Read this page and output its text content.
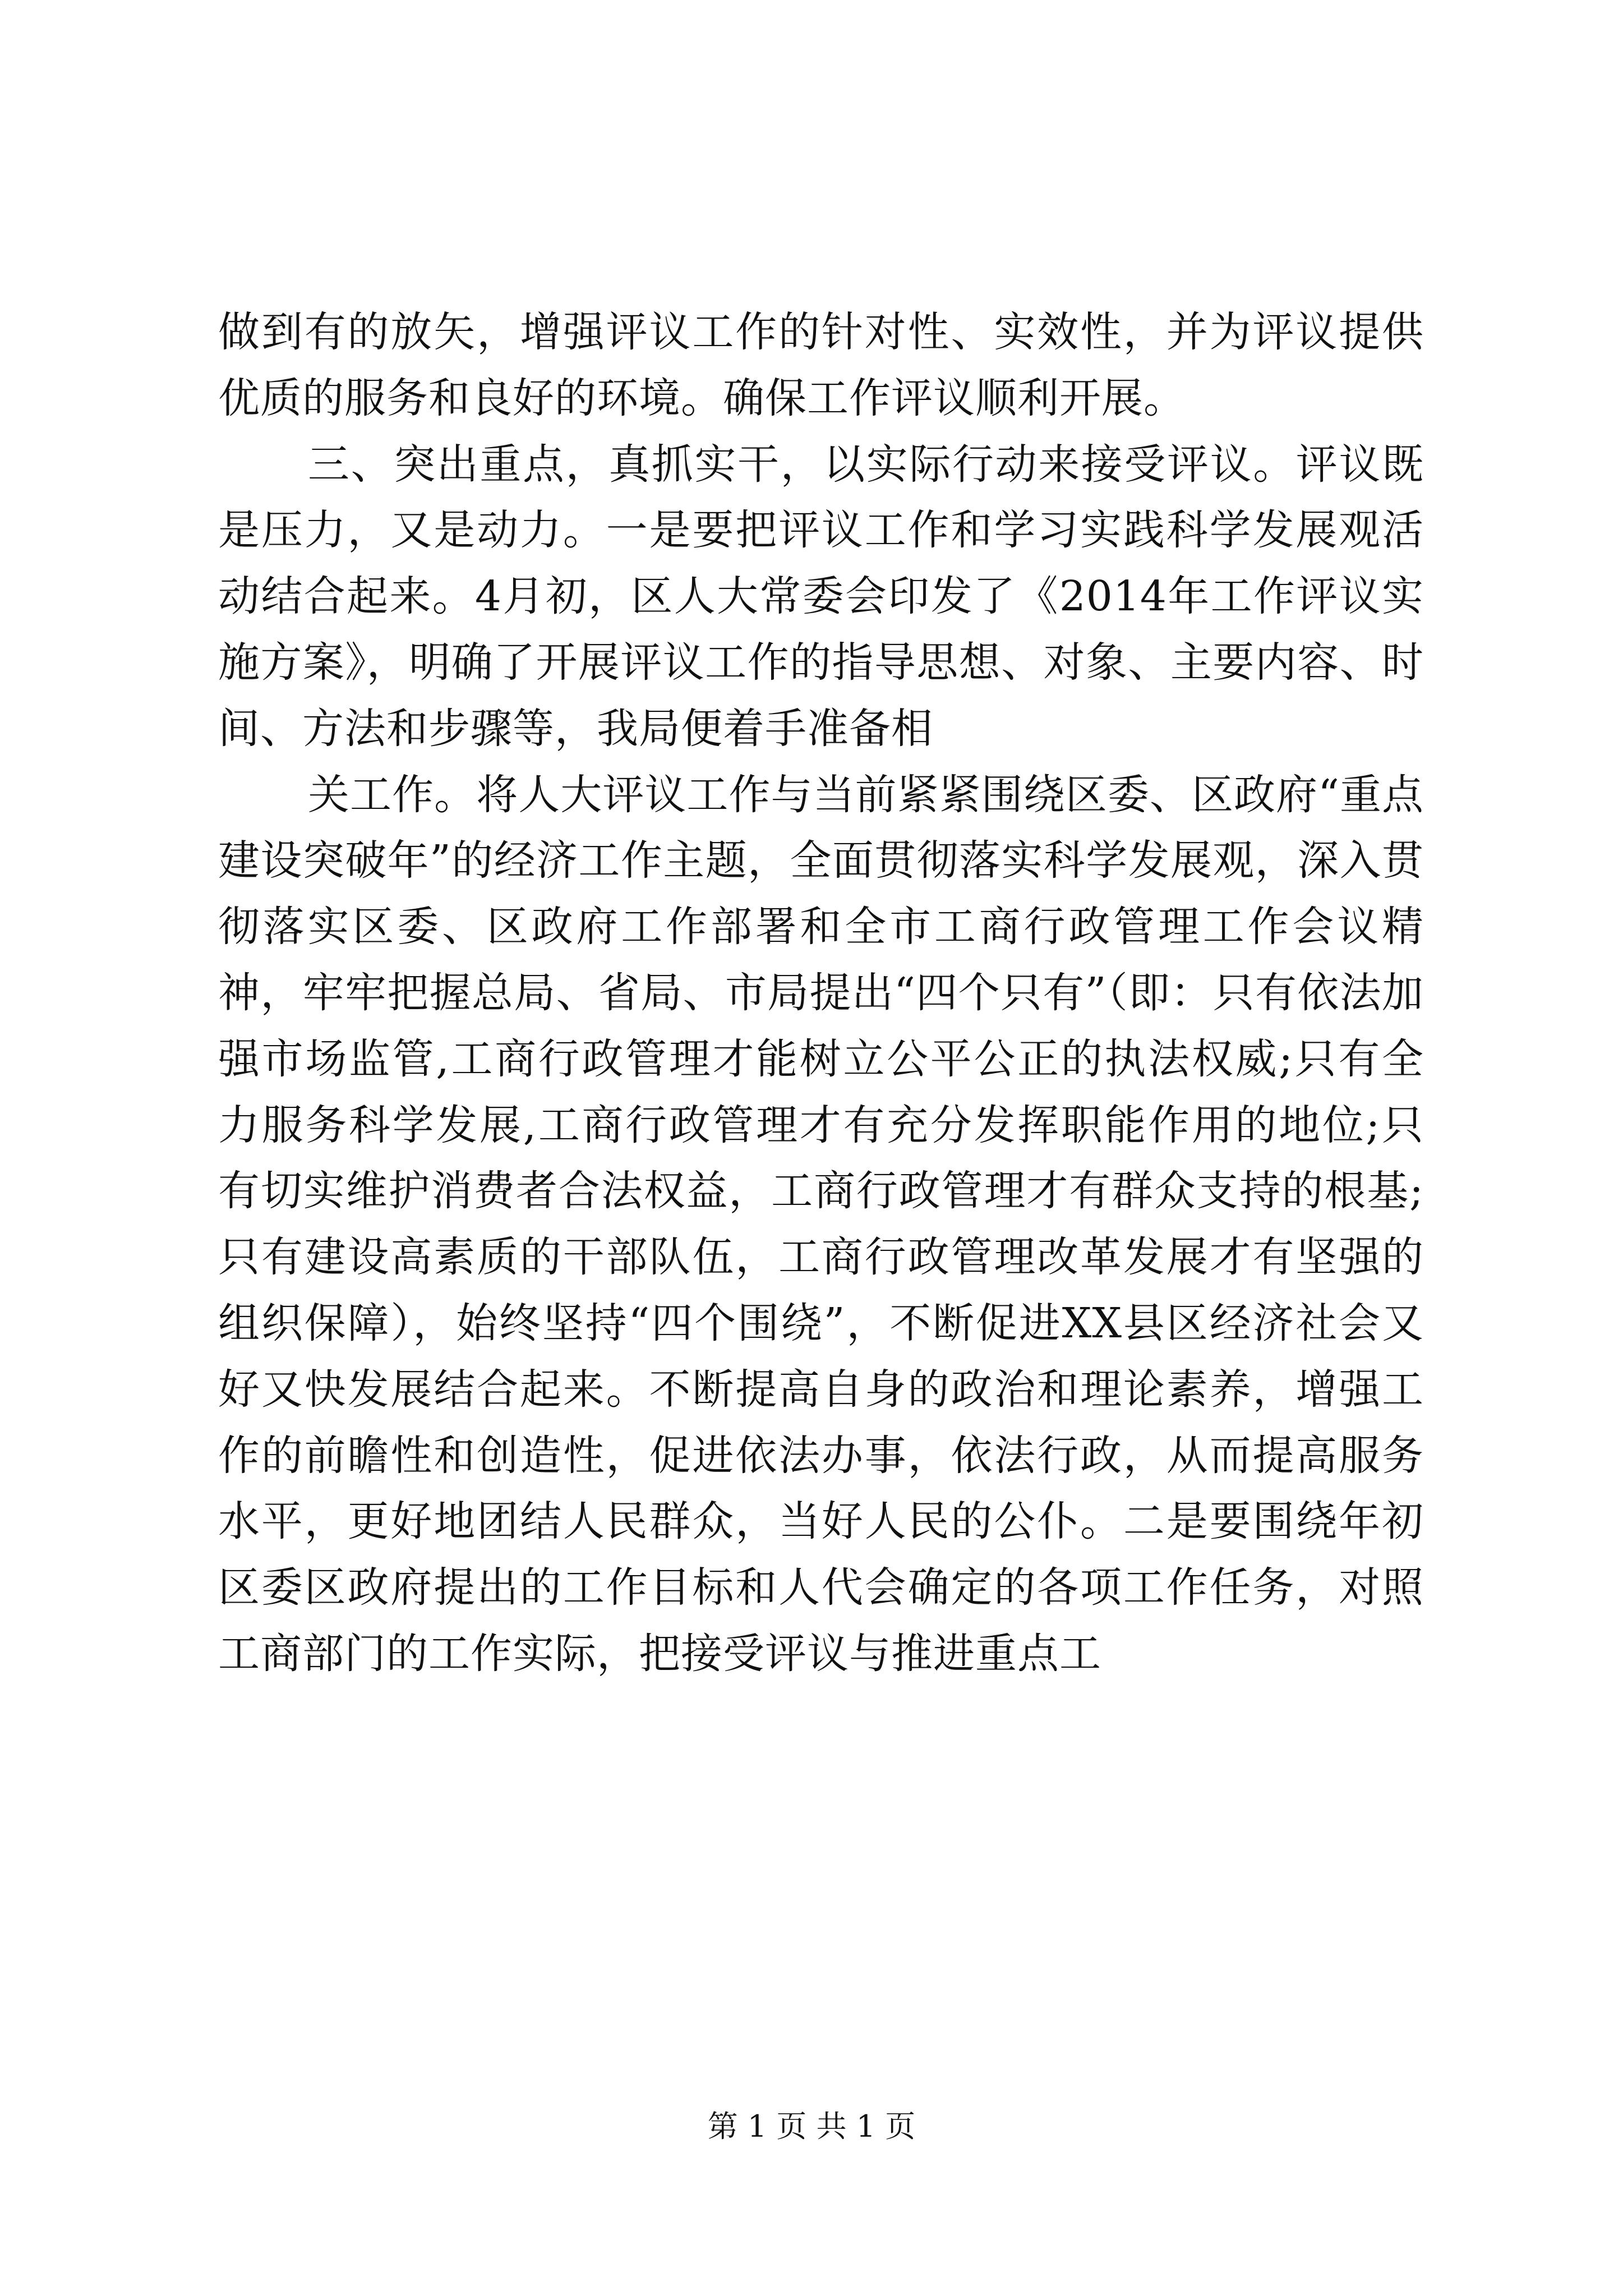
做到有的放矢，增强评议工作的针对性、实效性，并为评议提供优质的服务和良好的环境。确保工作评议顺利开展。

三、突出重点，真抓实干，以实际行动来接受评议。评议既是压力，又是动力。一是要把评议工作和学习实践科学发展观活动结合起来。4月初，区人大常委会印发了《2014年工作评议实施方案》，明确了开展评议工作的指导思想、对象、主要内容、时间、方法和步骤等，我局便着手准备相

关工作。将人大评议工作与当前紧紧围绕区委、区政府“重点建设突破年”的经济工作主题，全面贯彻落实科学发展观，深入贯彻落实区委、区政府工作部署和全市工商行政管理工作会议精神，牢牢把握总局、省局、市局提出“四个只有”（即：只有依法加强市场监管,工商行政管理才能树立公平公正的执法权威;只有全力服务科学发展,工商行政管理才有充分发挥职能作用的地位;只有切实维护消费者合法权益，工商行政管理才有群众支持的根基;只有建设高素质的干部队伍，工商行政管理改革发展才有坚强的组织保障），始终坚持“四个围绕”，不断促进XX县区经济社会又好又快发展结合起来。不断提高自身的政治和理论素养，增强工作的前瞻性和创造性，促进依法办事，依法行政，从而提高服务水平，更好地团结人民群众，当好人民的公仆。二是要围绕年初区委区政府提出的工作目标和人代会确定的各项工作任务，对照工商部门的工作实际，把接受评议与推进重点工

第 1 页 共 1 页
